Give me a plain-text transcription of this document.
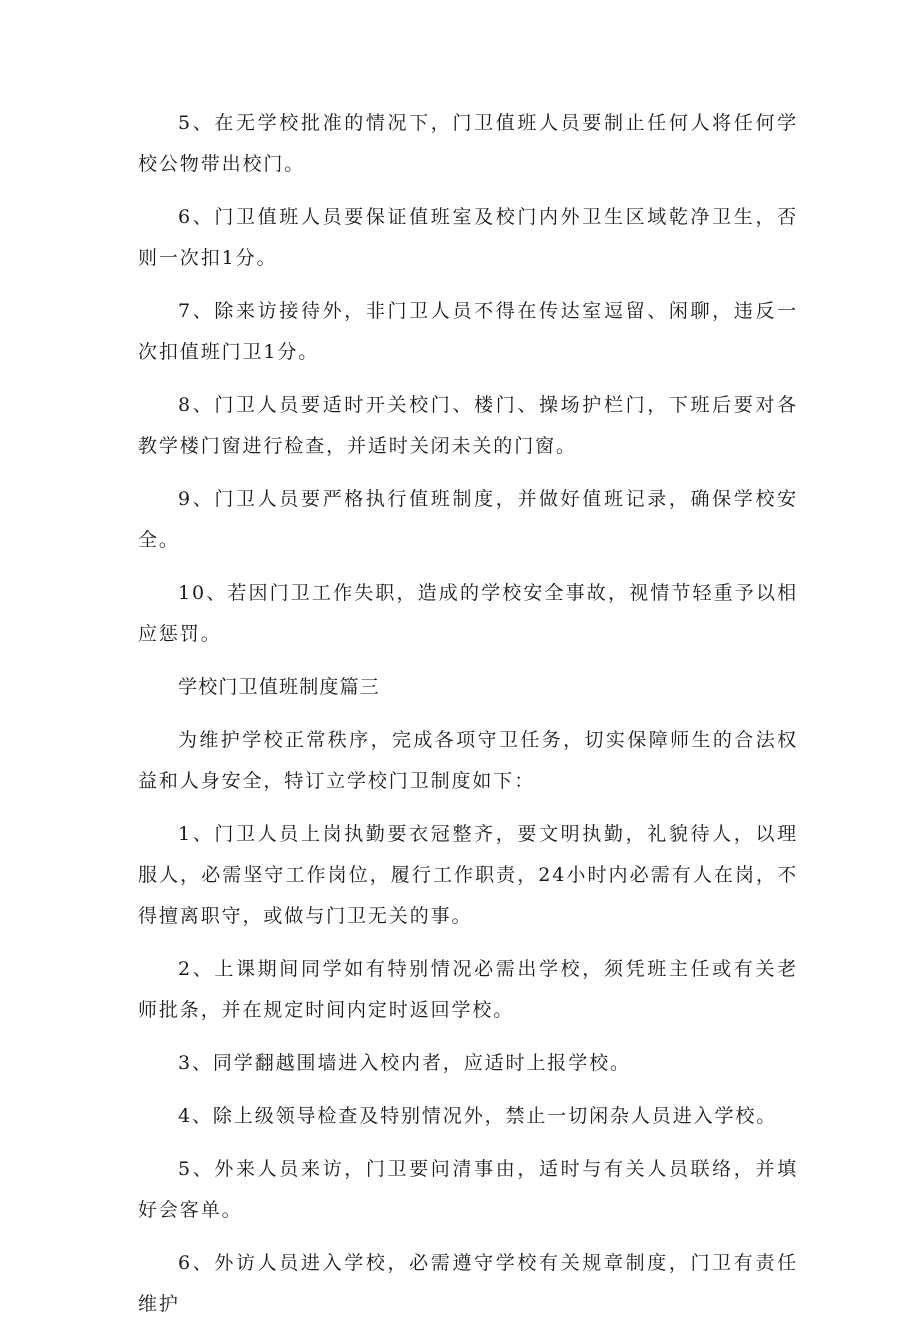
5、在无学校批准的情况下，门卫值班人员要制止任何人将任何学校公物带出校门。

6、门卫值班人员要保证值班室及校门内外卫生区域乾净卫生，否则一次扣1分。

7、除来访接待外，非门卫人员不得在传达室逗留、闲聊，违反一次扣值班门卫1分。

8、门卫人员要适时开关校门、楼门、操场护栏门，下班后要对各教学楼门窗进行检查，并适时关闭未关的门窗。

9、门卫人员要严格执行值班制度，并做好值班记录，确保学校安全。

10、若因门卫工作失职，造成的学校安全事故，视情节轻重予以相应惩罚。

学校门卫值班制度篇三

为维护学校正常秩序，完成各项守卫任务，切实保障师生的合法权益和人身安全，特订立学校门卫制度如下：

1、门卫人员上岗执勤要衣冠整齐，要文明执勤，礼貌待人，以理服人，必需坚守工作岗位，履行工作职责，24小时内必需有人在岗，不得擅离职守，或做与门卫无关的事。

2、上课期间同学如有特别情况必需出学校，须凭班主任或有关老师批条，并在规定时间内定时返回学校。

3、同学翻越围墙进入校内者，应适时上报学校。

4、除上级领导检查及特别情况外，禁止一切闲杂人员进入学校。

5、外来人员来访，门卫要问清事由，适时与有关人员联络，并填好会客单。

6、外访人员进入学校，必需遵守学校有关规章制度，门卫有责任维护
